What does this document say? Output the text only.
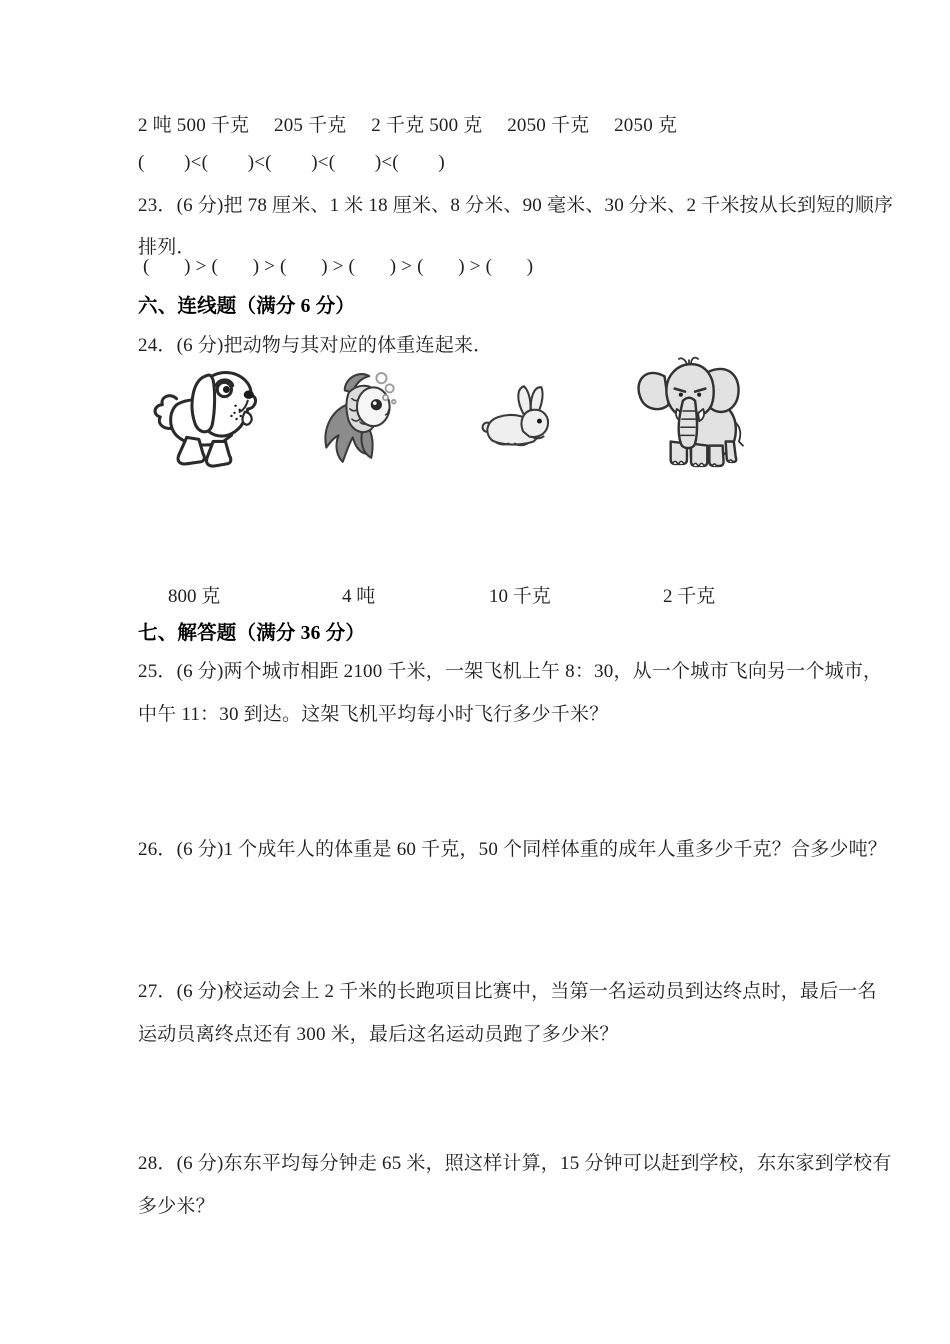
2 吨 500 千克     205 千克     2 千克 500 克     2050 千克     2050 克
(        )<(        )<(        )<(        )<(        )
23．(6 分)把 78 厘米、1 米 18 厘米、8 分米、90 毫米、30 分米、2 千米按从长到短的顺序
排列．
(       ) > (       ) > (       ) > (       ) > (       ) > (       )
六、连线题（满分 6 分）
24．(6 分)把动物与其对应的体重连起来．
800 克	4 吨	10 千克	2 千克
七、解答题（满分 36 分）
25．(6 分)两个城市相距 2100 千米，一架飞机上午 8：30，从一个城市飞向另一个城市，
中午 11：30 到达。这架飞机平均每小时飞行多少千米？
26．(6 分)1 个成年人的体重是 60 千克，50 个同样体重的成年人重多少千克？合多少吨？
27．(6 分)校运动会上 2 千米的长跑项目比赛中，当第一名运动员到达终点时，最后一名
运动员离终点还有 300 米，最后这名运动员跑了多少米？
28．(6 分)东东平均每分钟走 65 米，照这样计算，15 分钟可以赶到学校，东东家到学校有
多少米？
